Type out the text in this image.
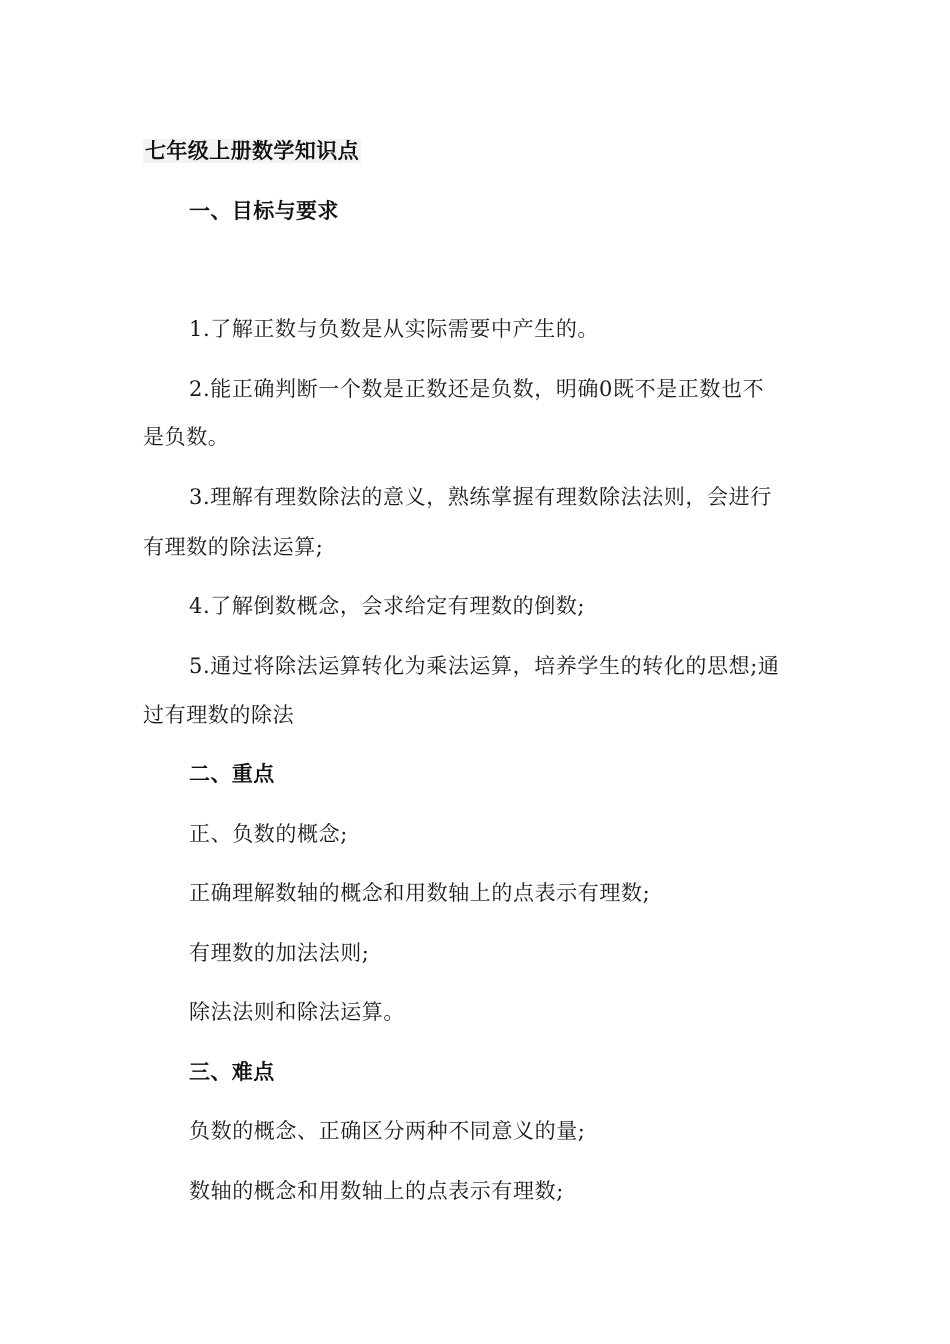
七年级上册数学知识点
一、目标与要求
1.了解正数与负数是从实际需要中产生的。
2.能正确判断一个数是正数还是负数，明确0既不是正数也不
是负数。
3.理解有理数除法的意义，熟练掌握有理数除法法则，会进行
有理数的除法运算;
4.了解倒数概念，会求给定有理数的倒数;
5.通过将除法运算转化为乘法运算，培养学生的转化的思想;通
过有理数的除法
二、重点
正、负数的概念;
正确理解数轴的概念和用数轴上的点表示有理数;
有理数的加法法则;
除法法则和除法运算。
三、难点
负数的概念、正确区分两种不同意义的量;
数轴的概念和用数轴上的点表示有理数;
